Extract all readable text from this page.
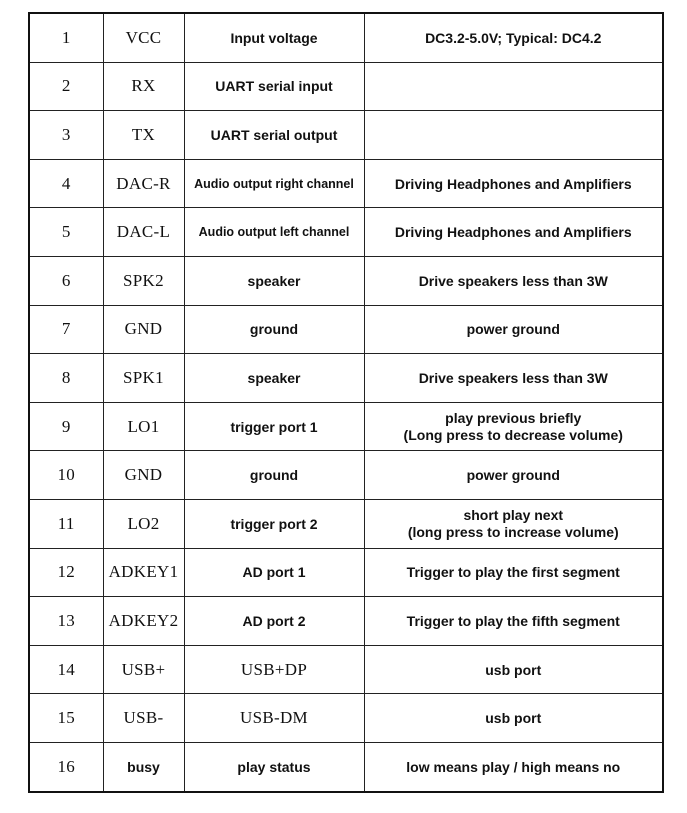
1	VCC	Input voltage	DC3.2-5.0V; Typical: DC4.2
2	RX	UART serial input	
3	TX	UART serial output	
4	DAC-R	Audio output right channel	Driving Headphones and Amplifiers
5	DAC-L	Audio output left channel	Driving Headphones and Amplifiers
6	SPK2	speaker	Drive speakers less than 3W
7	GND	ground	power ground
8	SPK1	speaker	Drive speakers less than 3W
9	LO1	trigger port 1	play previous briefly
(Long press to decrease volume)

10	GND	ground	power ground
11	LO2	trigger port 2	short play next
(long press to increase volume)

12	ADKEY1	AD port 1	Trigger to play the first segment
13	ADKEY2	AD port 2	Trigger to play the fifth segment
14	USB+	USB+DP	usb port
15	USB-	USB-DM	usb port
16	busy	play status	low means play / high means no
